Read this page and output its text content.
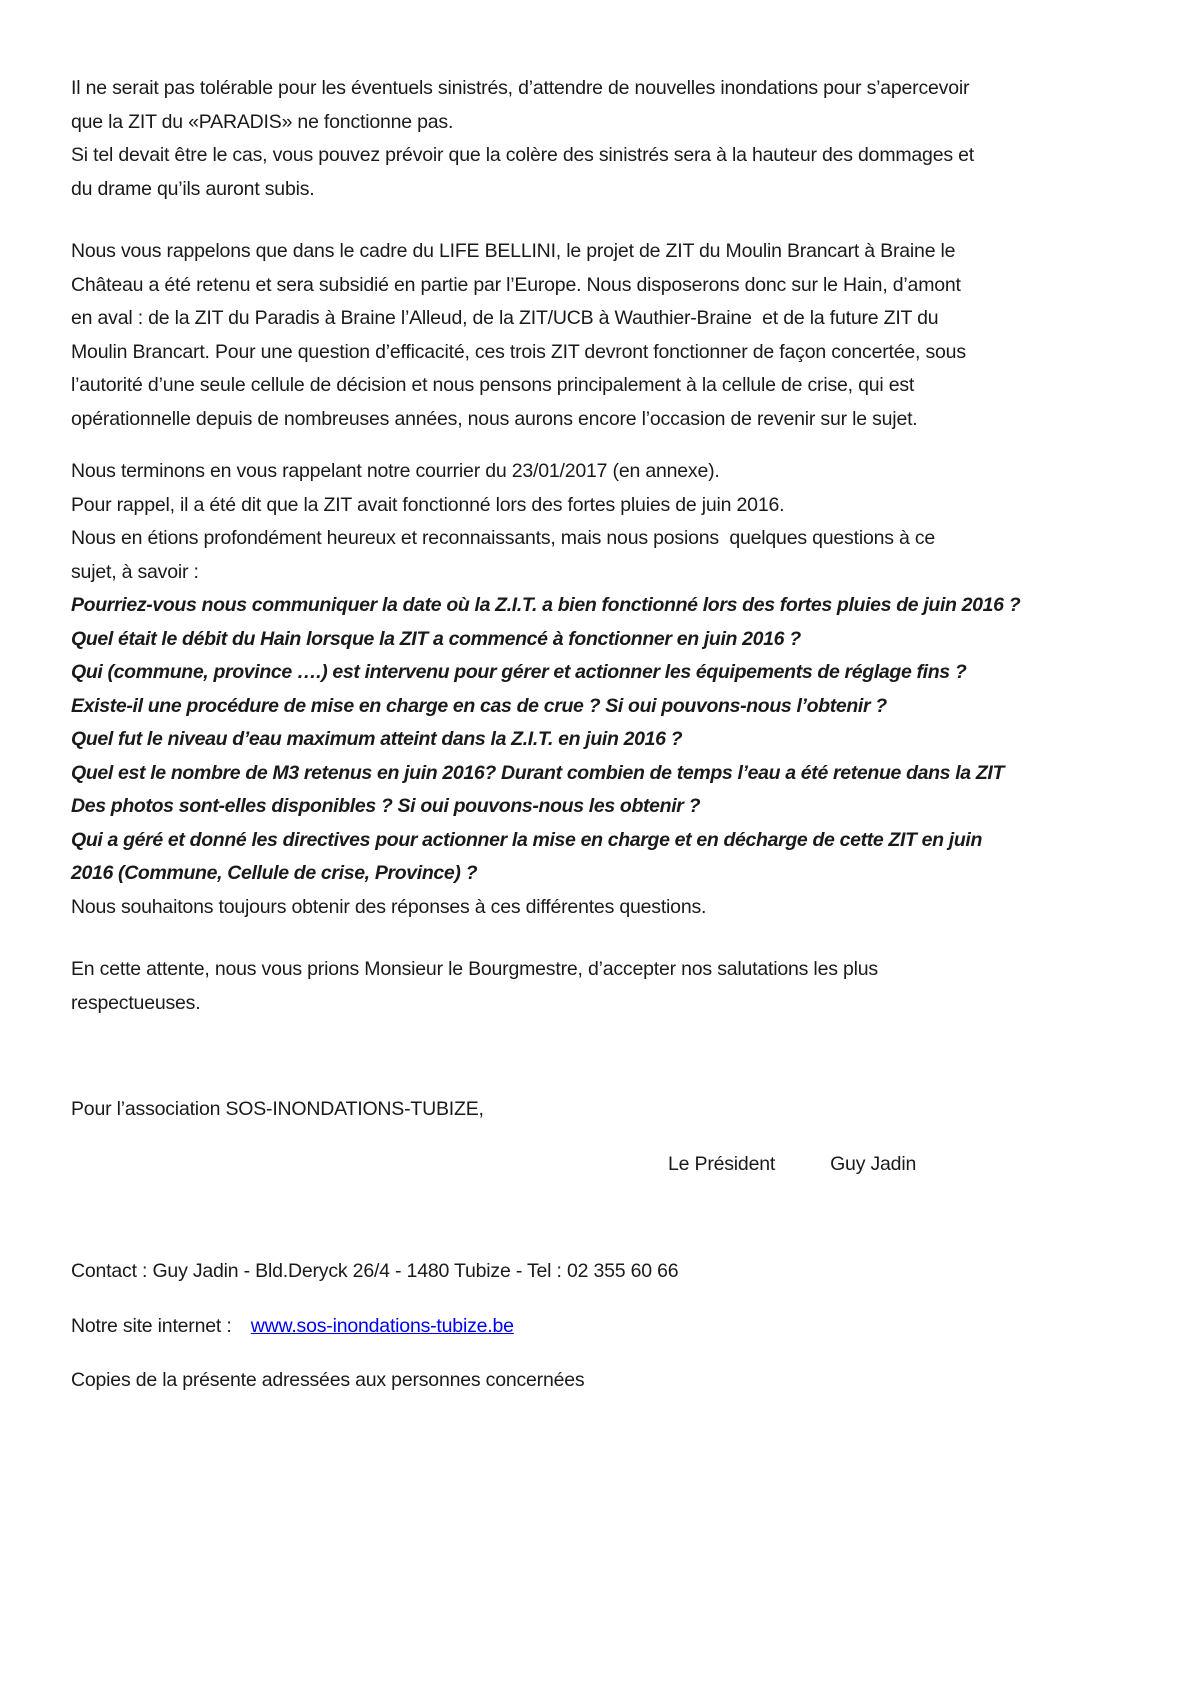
Il ne serait pas tolérable pour les éventuels sinistrés, d’attendre de nouvelles inondations pour s’apercevoir
que la ZIT du «PARADIS» ne fonctionne pas.
Si tel devait être le cas, vous pouvez prévoir que la colère des sinistrés sera à la hauteur des dommages et
du drame qu’ils auront subis.
Nous vous rappelons que dans le cadre du LIFE BELLINI, le projet de ZIT du Moulin Brancart à Braine le
Château a été retenu et sera subsidié en partie par l’Europe. Nous disposerons donc sur le Hain, d’amont
en aval : de la ZIT du Paradis à Braine l’Alleud, de la ZIT/UCB à Wauthier-Braine  et de la future ZIT du
Moulin Brancart. Pour une question d’efficacité, ces trois ZIT devront fonctionner de façon concertée, sous
l’autorité d’une seule cellule de décision et nous pensons principalement à la cellule de crise, qui est
opérationnelle depuis de nombreuses années, nous aurons encore l’occasion de revenir sur le sujet.
Nous terminons en vous rappelant notre courrier du 23/01/2017 (en annexe).
Pour rappel, il a été dit que la ZIT avait fonctionné lors des fortes pluies de juin 2016.
Nous en étions profondément heureux et reconnaissants, mais nous posions  quelques questions à ce
sujet, à savoir :
Pourriez-vous nous communiquer la date où la Z.I.T. a bien fonctionné lors des fortes pluies de juin 2016 ?
Quel était le débit du Hain lorsque la ZIT a commencé à fonctionner en juin 2016 ?
Qui (commune, province ….) est intervenu pour gérer et actionner les équipements de réglage fins ?
Existe-il une procédure de mise en charge en cas de crue ? Si oui pouvons-nous l’obtenir ?
Quel fut le niveau d’eau maximum atteint dans la Z.I.T. en juin 2016 ?
Quel est le nombre de M3 retenus en juin 2016? Durant combien de temps l’eau a été retenue dans la ZIT
Des photos sont-elles disponibles ? Si oui pouvons-nous les obtenir ?
Qui a géré et donné les directives pour actionner la mise en charge et en décharge de cette ZIT en juin
2016 (Commune, Cellule de crise, Province) ?
Nous souhaitons toujours obtenir des réponses à ces différentes questions.
En cette attente, nous vous prions Monsieur le Bourgmestre, d’accepter nos salutations les plus
respectueuses.
Pour l’association SOS-INONDATIONS-TUBIZE,
Le Président	Guy Jadin
Contact : Guy Jadin - Bld.Deryck 26/4 - 1480 Tubize - Tel : 02 355 60 66
Notre site internet : www.sos-inondations-tubize.be
Copies de la présente adressées aux personnes concernées
